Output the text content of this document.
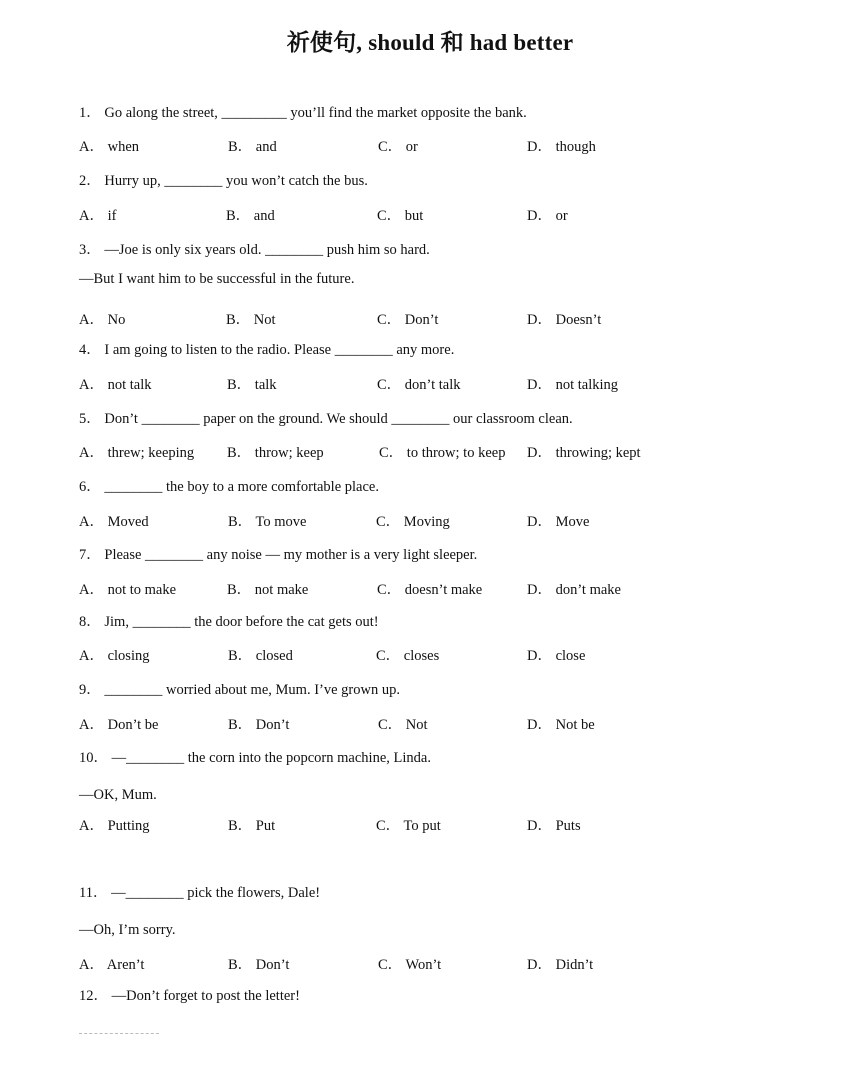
祈使句, should 和 had better
1． Go along the street, _________ you’ll find the market opposite the bank.
A． when	B． and	C． or	D． though
2． Hurry up, ________ you won’t catch the bus.
A． if	B． and	C． but	D． or
3． —Joe is only six years old. ________ push him so hard.
—But I want him to be successful in the future.
A． No	B． Not	C． Don’t	D． Doesn’t
4． I am going to listen to the radio. Please ________ any more.
A． not talk	B． talk	C． don’t talk	D． not talking
5． Don’t ________ paper on the ground. We should ________ our classroom clean.
A． threw; keeping B． throw; keep	C． to throw; to keep D． throwing; kept
6． ________ the boy to a more comfortable place.
A． Moved	B． To move	C． Moving	D． Move
7． Please ________ any noise — my mother is a very light sleeper.
A． not to make	B． not make	C． doesn’t make	D． don’t make
8． Jim, ________ the door before the cat gets out!
A． closing	B． closed	C． closes	D． close
9． ________ worried about me, Mum. I’ve grown up.
A． Don’t be	B． Don’t	C． Not	D． Not be
10． —________ the corn into the popcorn machine, Linda.
—OK, Mum.
A． Putting	B． Put	C． To put	D． Puts
11． —________ pick the flowers, Dale!
—Oh, I’m sorry.
A． Aren’t	B． Don’t	C． Won’t	D． Didn’t
12． —Don’t forget to post the letter!
